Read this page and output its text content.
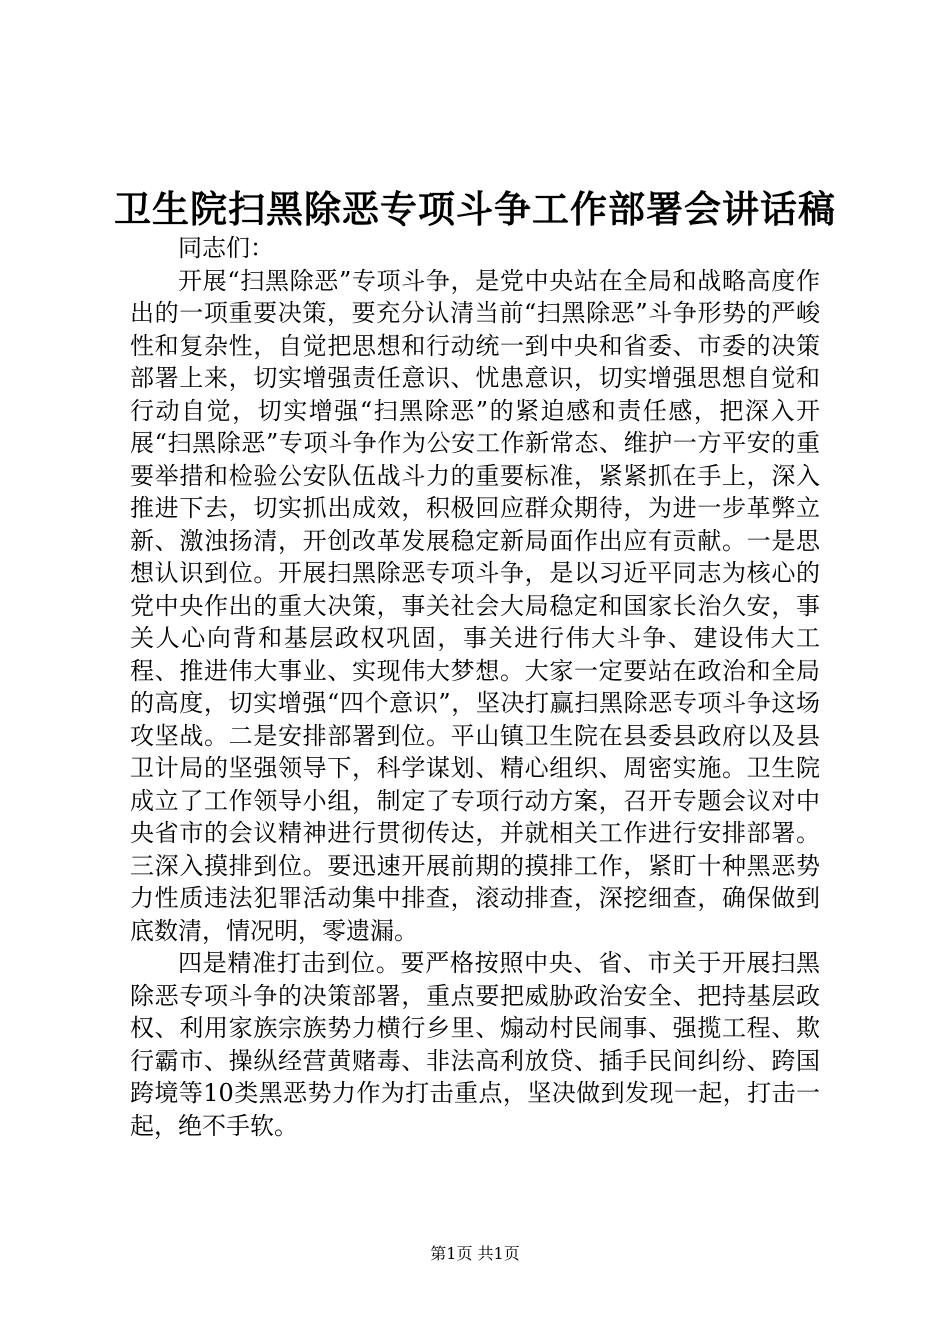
卫生院扫黑除恶专项斗争工作部署会讲话稿

同志们：

开展“扫黑除恶”专项斗争，是党中央站在全局和战略高度作出的一项重要决策，要充分认清当前“扫黑除恶”斗争形势的严峻性和复杂性，自觉把思想和行动统一到中央和省委、市委的决策部署上来，切实增强责任意识、忧患意识，切实增强思想自觉和行动自觉，切实增强“扫黑除恶”的紧迫感和责任感，把深入开展“扫黑除恶”专项斗争作为公安工作新常态、维护一方平安的重要举措和检验公安队伍战斗力的重要标准，紧紧抓在手上，深入推进下去，切实抓出成效，积极回应群众期待，为进一步革弊立新、激浊扬清，开创改革发展稳定新局面作出应有贡献。一是思想认识到位。开展扫黑除恶专项斗争，是以习近平同志为核心的党中央作出的重大决策，事关社会大局稳定和国家长治久安，事关人心向背和基层政权巩固，事关进行伟大斗争、建设伟大工程、推进伟大事业、实现伟大梦想。大家一定要站在政治和全局的高度，切实增强“四个意识”，坚决打赢扫黑除恶专项斗争这场攻坚战。二是安排部署到位。平山镇卫生院在县委县政府以及县卫计局的坚强领导下，科学谋划、精心组织、周密实施。卫生院成立了工作领导小组，制定了专项行动方案，召开专题会议对中央省市的会议精神进行贯彻传达，并就相关工作进行安排部署。三深入摸排到位。要迅速开展前期的摸排工作，紧盯十种黑恶势力性质违法犯罪活动集中排查，滚动排查，深挖细查，确保做到底数清，情况明，零遗漏。

四是精准打击到位。要严格按照中央、省、市关于开展扫黑除恶专项斗争的决策部署，重点要把威胁政治安全、把持基层政权、利用家族宗族势力横行乡里、煽动村民闹事、强揽工程、欺行霸市、操纵经营黄赌毒、非法高利放贷、插手民间纠纷、跨国跨境等10类黑恶势力作为打击重点，坚决做到发现一起，打击一起，绝不手软。

第1页 共1页
